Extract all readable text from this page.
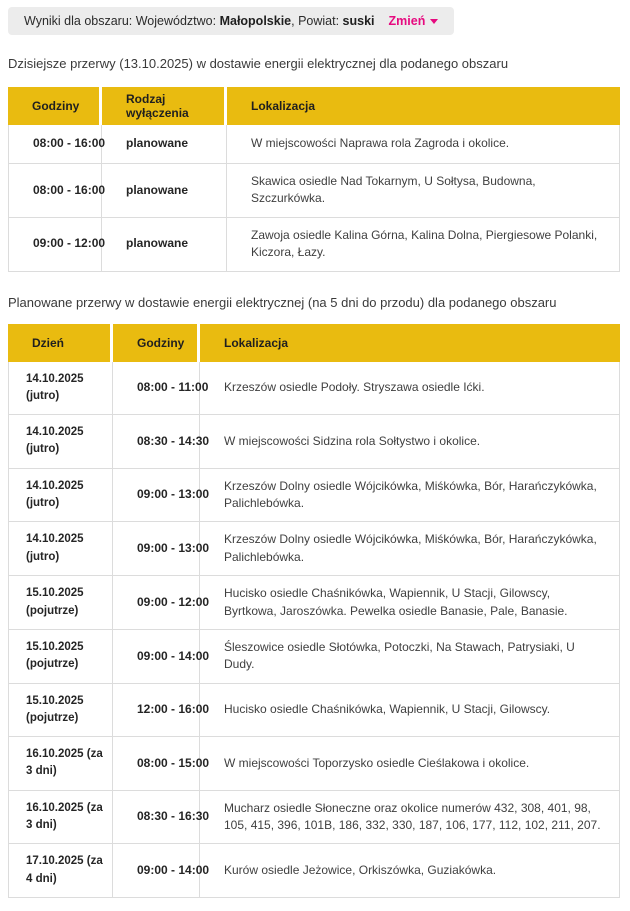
Wyniki dla obszaru: Województwo: Małopolskie, Powiat: suski Zmień
Dzisiejsze przerwy (13.10.2025) w dostawie energii elektrycznej dla podanego obszaru
Godziny	Rodzaj wyłączenia	Lokalizacja
08:00 - 16:00	planowane	W miejscowości Naprawa rola Zagroda i okolice.
08:00 - 16:00	planowane	Skawica osiedle Nad Tokarnym, U Sołtysa, Budowna, Szczurkówka.
09:00 - 12:00	planowane	Zawoja osiedle Kalina Górna, Kalina Dolna, Piergiesowe Polanki, Kiczora, Łazy.
Planowane przerwy w dostawie energii elektrycznej (na 5 dni do przodu) dla podanego obszaru
Dzień	Godziny	Lokalizacja
14.10.2025 (jutro)	08:00 - 11:00	Krzeszów osiedle Podoły. Stryszawa osiedle Ićki.
14.10.2025 (jutro)	08:30 - 14:30	W miejscowości Sidzina rola Sołtystwo i okolice.
14.10.2025 (jutro)	09:00 - 13:00	Krzeszów Dolny osiedle Wójcikówka, Miśkówka, Bór, Harańczykówka, Palichlebówka.
14.10.2025 (jutro)	09:00 - 13:00	Krzeszów Dolny osiedle Wójcikówka, Miśkówka, Bór, Harańczykówka, Palichlebówka.
15.10.2025 (pojutrze)	09:00 - 12:00	Hucisko osiedle Chaśnikówka, Wapiennik, U Stacji, Gilowscy, Byrtkowa, Jaroszówka. Pewelka osiedle Banasie, Pale, Banasie.
15.10.2025 (pojutrze)	09:00 - 14:00	Śleszowice osiedle Słotówka, Potoczki, Na Stawach, Patrysiaki, U Dudy.
15.10.2025 (pojutrze)	12:00 - 16:00	Hucisko osiedle Chaśnikówka, Wapiennik, U Stacji, Gilowscy.
16.10.2025 (za 3 dni)	08:00 - 15:00	W miejscowości Toporzysko osiedle Cieślakowa i okolice.
16.10.2025 (za 3 dni)	08:30 - 16:30	Mucharz osiedle Słoneczne oraz okolice numerów 432, 308, 401, 98, 105, 415, 396, 101B, 186, 332, 330, 187, 106, 177, 112, 102, 211, 207.
17.10.2025 (za 4 dni)	09:00 - 14:00	Kurów osiedle Jeżowice, Orkiszówka, Guziakówka.
